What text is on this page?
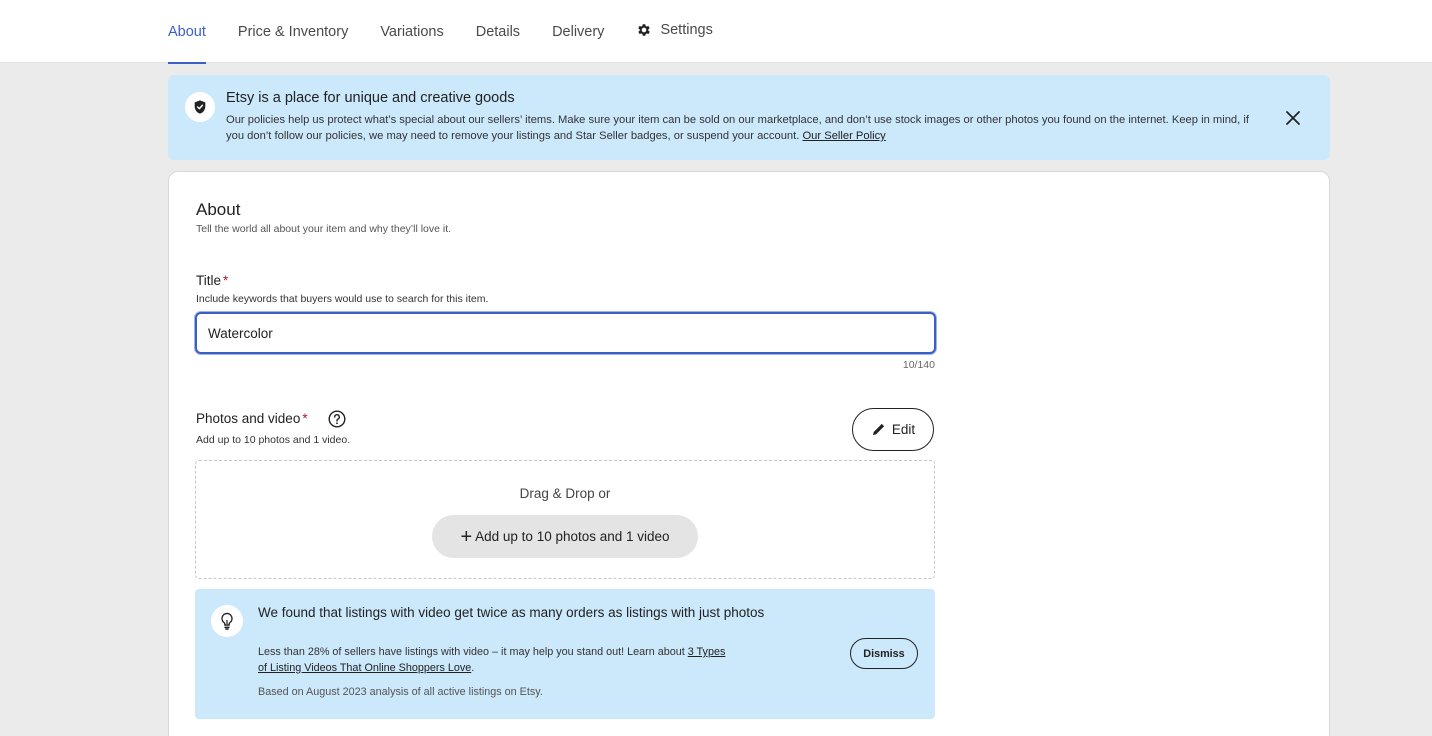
About Price & Inventory Variations Details Delivery	Settings
Etsy is a place for unique and creative goods
Our policies help us protect what’s special about our sellers’ items. Make sure your item can be sold on our marketplace, and don’t use stock images or other photos you found on the internet. Keep in mind, if you don’t follow our policies, we may need to remove your listings and Star Seller badges, or suspend your account. Our Seller Policy
About
Tell the world all about your item and why they’ll love it.
Title *
Include keywords that buyers would use to search for this item.
Watercolor
10/140
Photos and video *
Add up to 10 photos and 1 video.
Edit
Drag & Drop or
+ Add up to 10 photos and 1 video
We found that listings with video get twice as many orders as listings with just photos
Less than 28% of sellers have listings with video – it may help you stand out! Learn about 3 Types of Listing Videos That Online Shoppers Love.
Based on August 2023 analysis of all active listings on Etsy.
Dismiss
